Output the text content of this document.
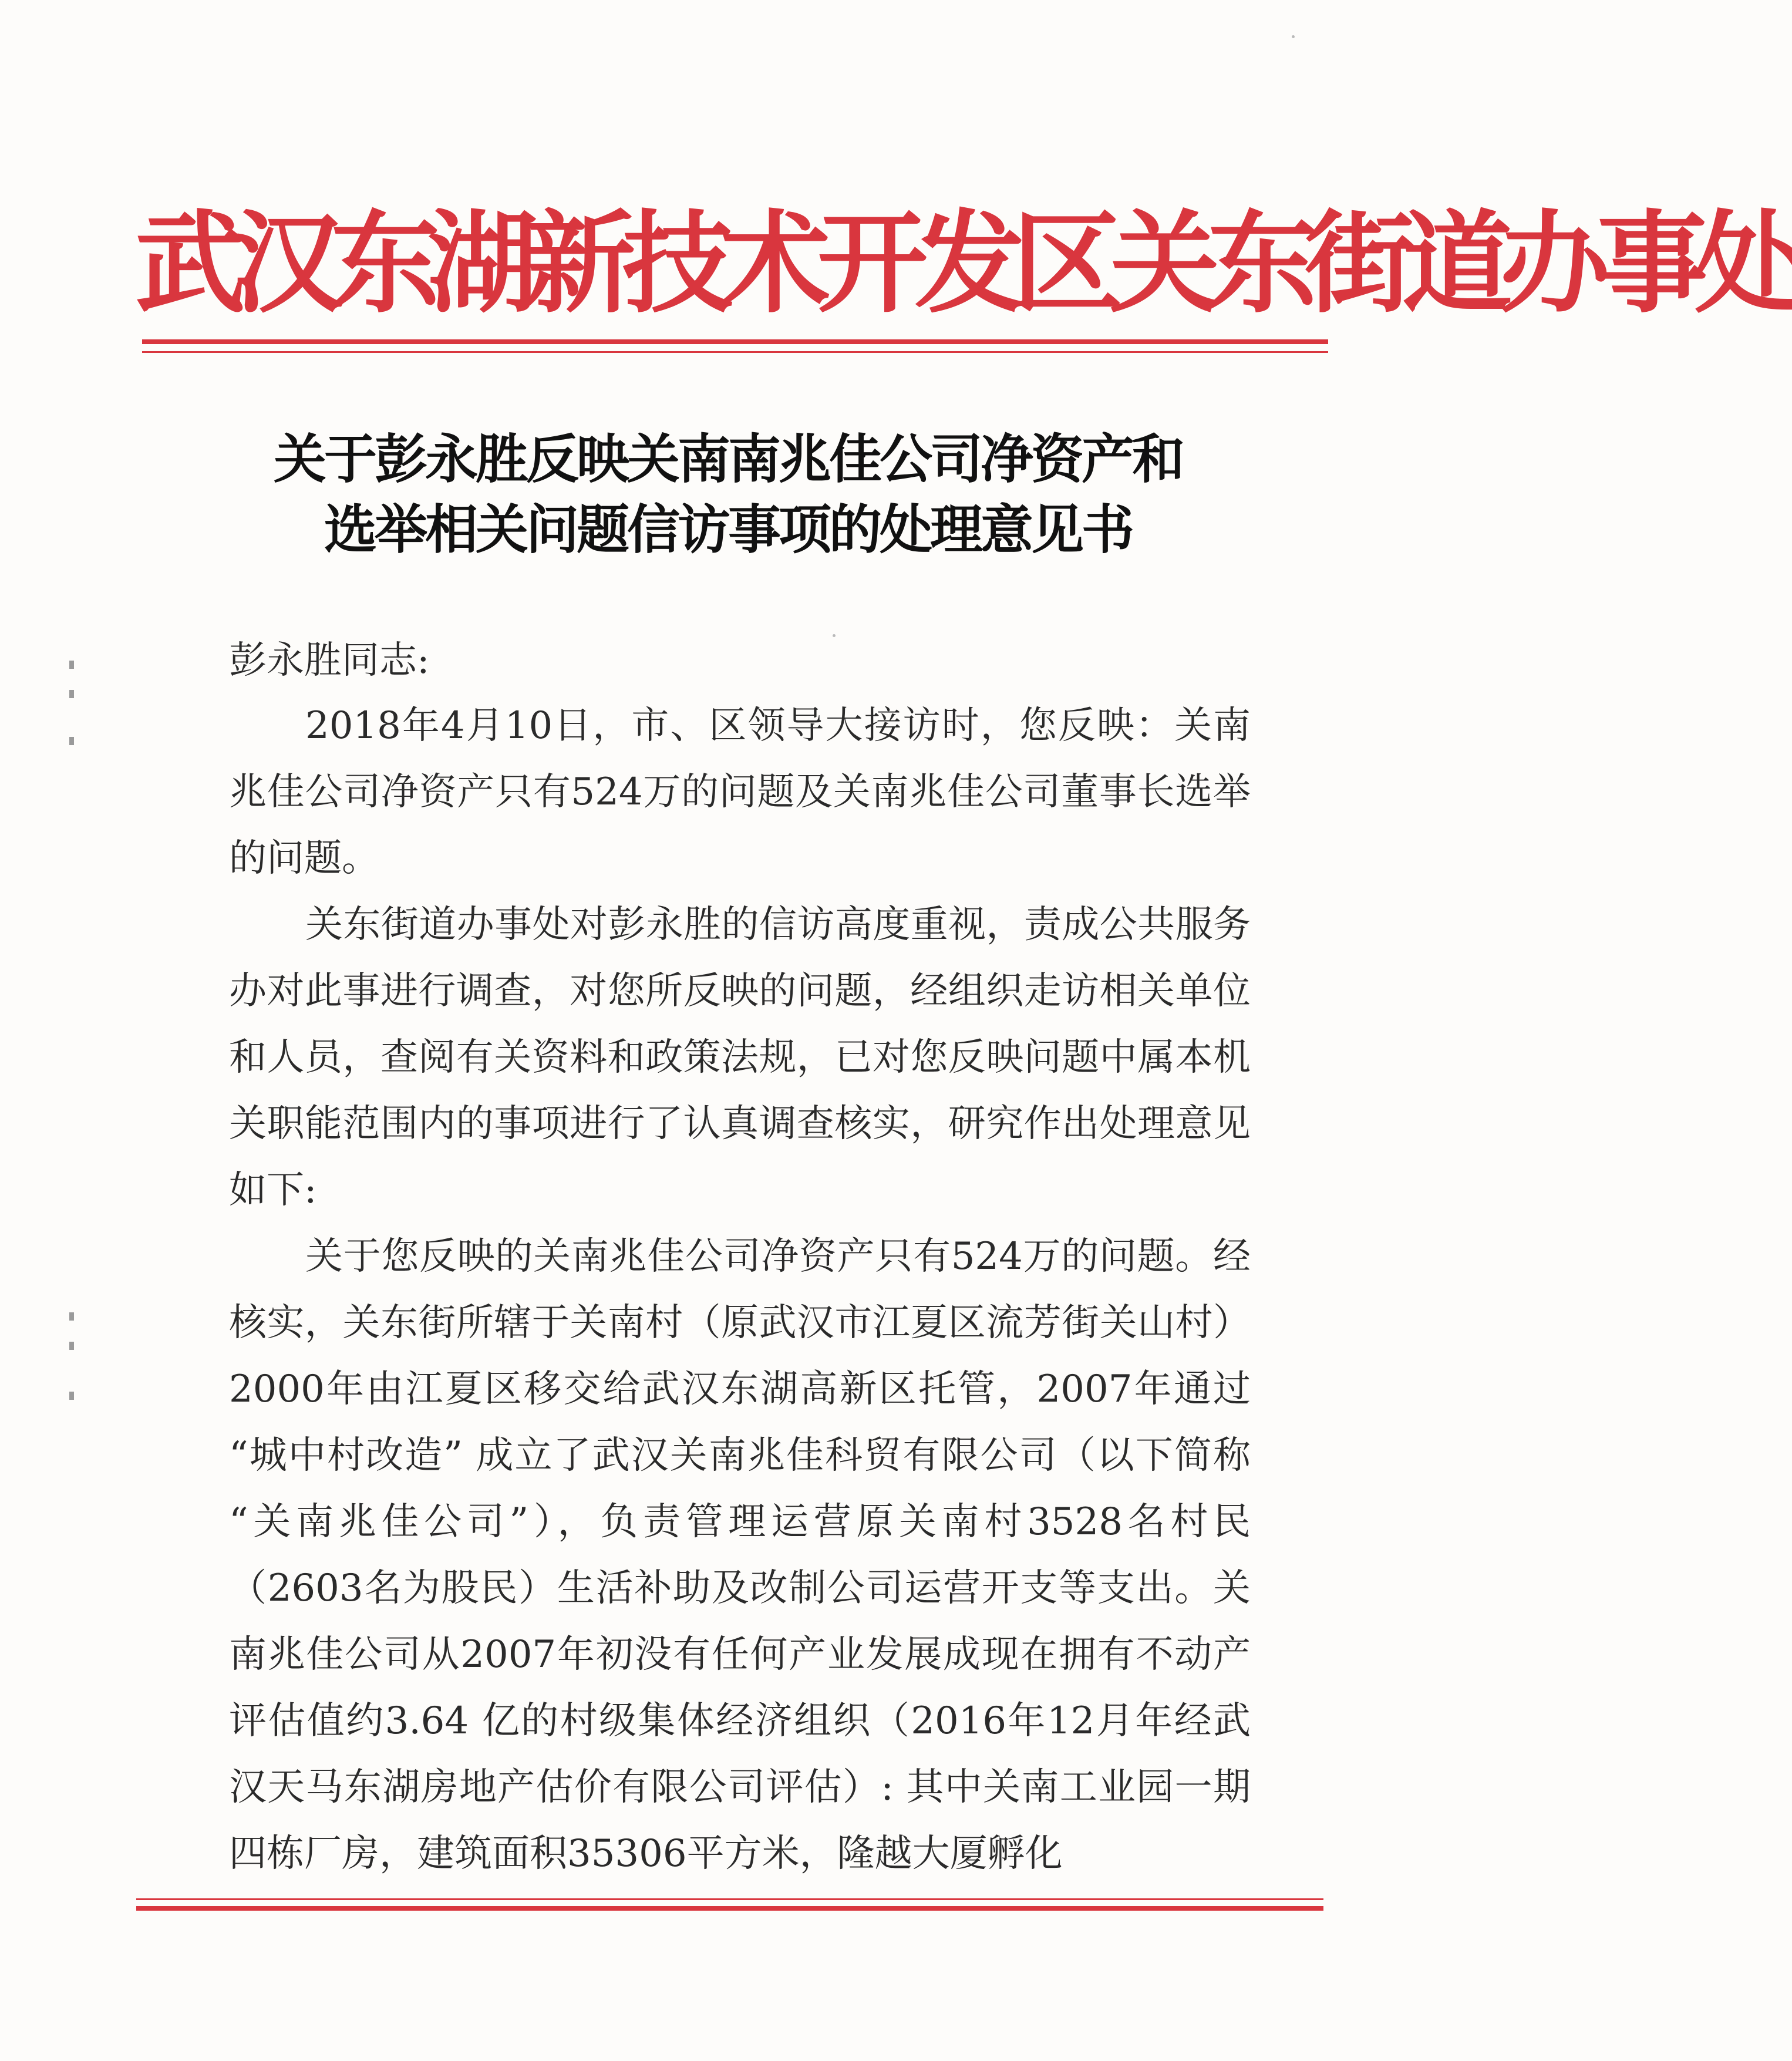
武汉东湖新技术开发区关东街道办事处
关于彭永胜反映关南南兆佳公司净资产和
选举相关问题信访事项的处理意见书

彭永胜同志:

2018年4月10日，市、区领导大接访时，您反映：关南兆佳公司净资产只有524万的问题及关南兆佳公司董事长选举的问题。

关东街道办事处对彭永胜的信访高度重视，责成公共服务办对此事进行调查，对您所反映的问题，经组织走访相关单位和人员，查阅有关资料和政策法规，已对您反映问题中属本机关职能范围内的事项进行了认真调查核实，研究作出处理意见如下:

关于您反映的关南兆佳公司净资产只有524万的问题。经核实，关东街所辖于关南村（原武汉市江夏区流芳街关山村）2000年由江夏区移交给武汉东湖高新区托管，2007年通过 “城中村改造” 成立了武汉关南兆佳科贸有限公司（以下简称 “关南兆佳公司”），负责管理运营原关南村3528名村民（2603名为股民）生活补助及改制公司运营开支等支出。关南兆佳公司从2007年初没有任何产业发展成现在拥有不动产评估值约3.64 亿的村级集体经济组织（2016年12月年经武汉天马东湖房地产估价有限公司评估）: 其中关南工业园一期四栋厂房，建筑面积35306平方米，隆越大厦孵化
